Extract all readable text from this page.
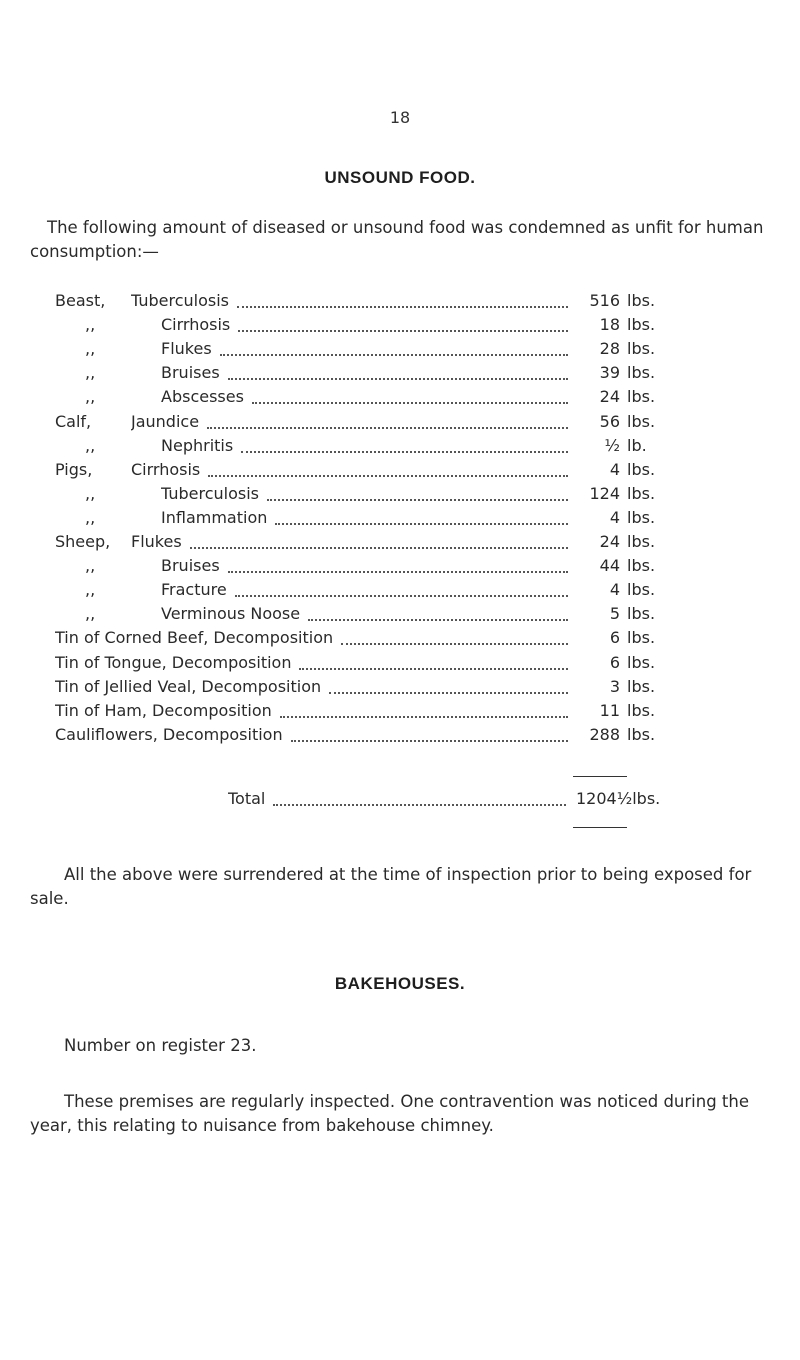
18
UNSOUND FOOD.
The following amount of diseased or unsound food was condemned as unfit for human consumption:—
Beast,	Tuberculosis	516 lbs.
,,	Cirrhosis	18 lbs.
,,	Flukes	28 lbs.
,,	Bruises	39 lbs.
,,	Abscesses	24 lbs.
Calf,	Jaundice	56 lbs.
,,	Nephritis	½ lb.
Pigs,	Cirrhosis	4 lbs.
,,	Tuberculosis	124 lbs.
,,	Inflammation	4 lbs.
Sheep,	Flukes	24 lbs.
,,	Bruises	44 lbs.
,,	Fracture	4 lbs.
,,	Verminous Noose	5 lbs.
Tin of Corned Beef, Decomposition	6 lbs.
Tin of Tongue, Decomposition	6 lbs.
Tin of Jellied Veal, Decomposition	3 lbs.
Tin of Ham, Decomposition	11 lbs.
Cauliflowers, Decomposition	288 lbs.
Total	1204½lbs.
All the above were surrendered at the time of inspection prior to being exposed for sale.
BAKEHOUSES.
Number on register 23.
These premises are regularly inspected. One contravention was noticed during the year, this relating to nuisance from bakehouse chimney.
